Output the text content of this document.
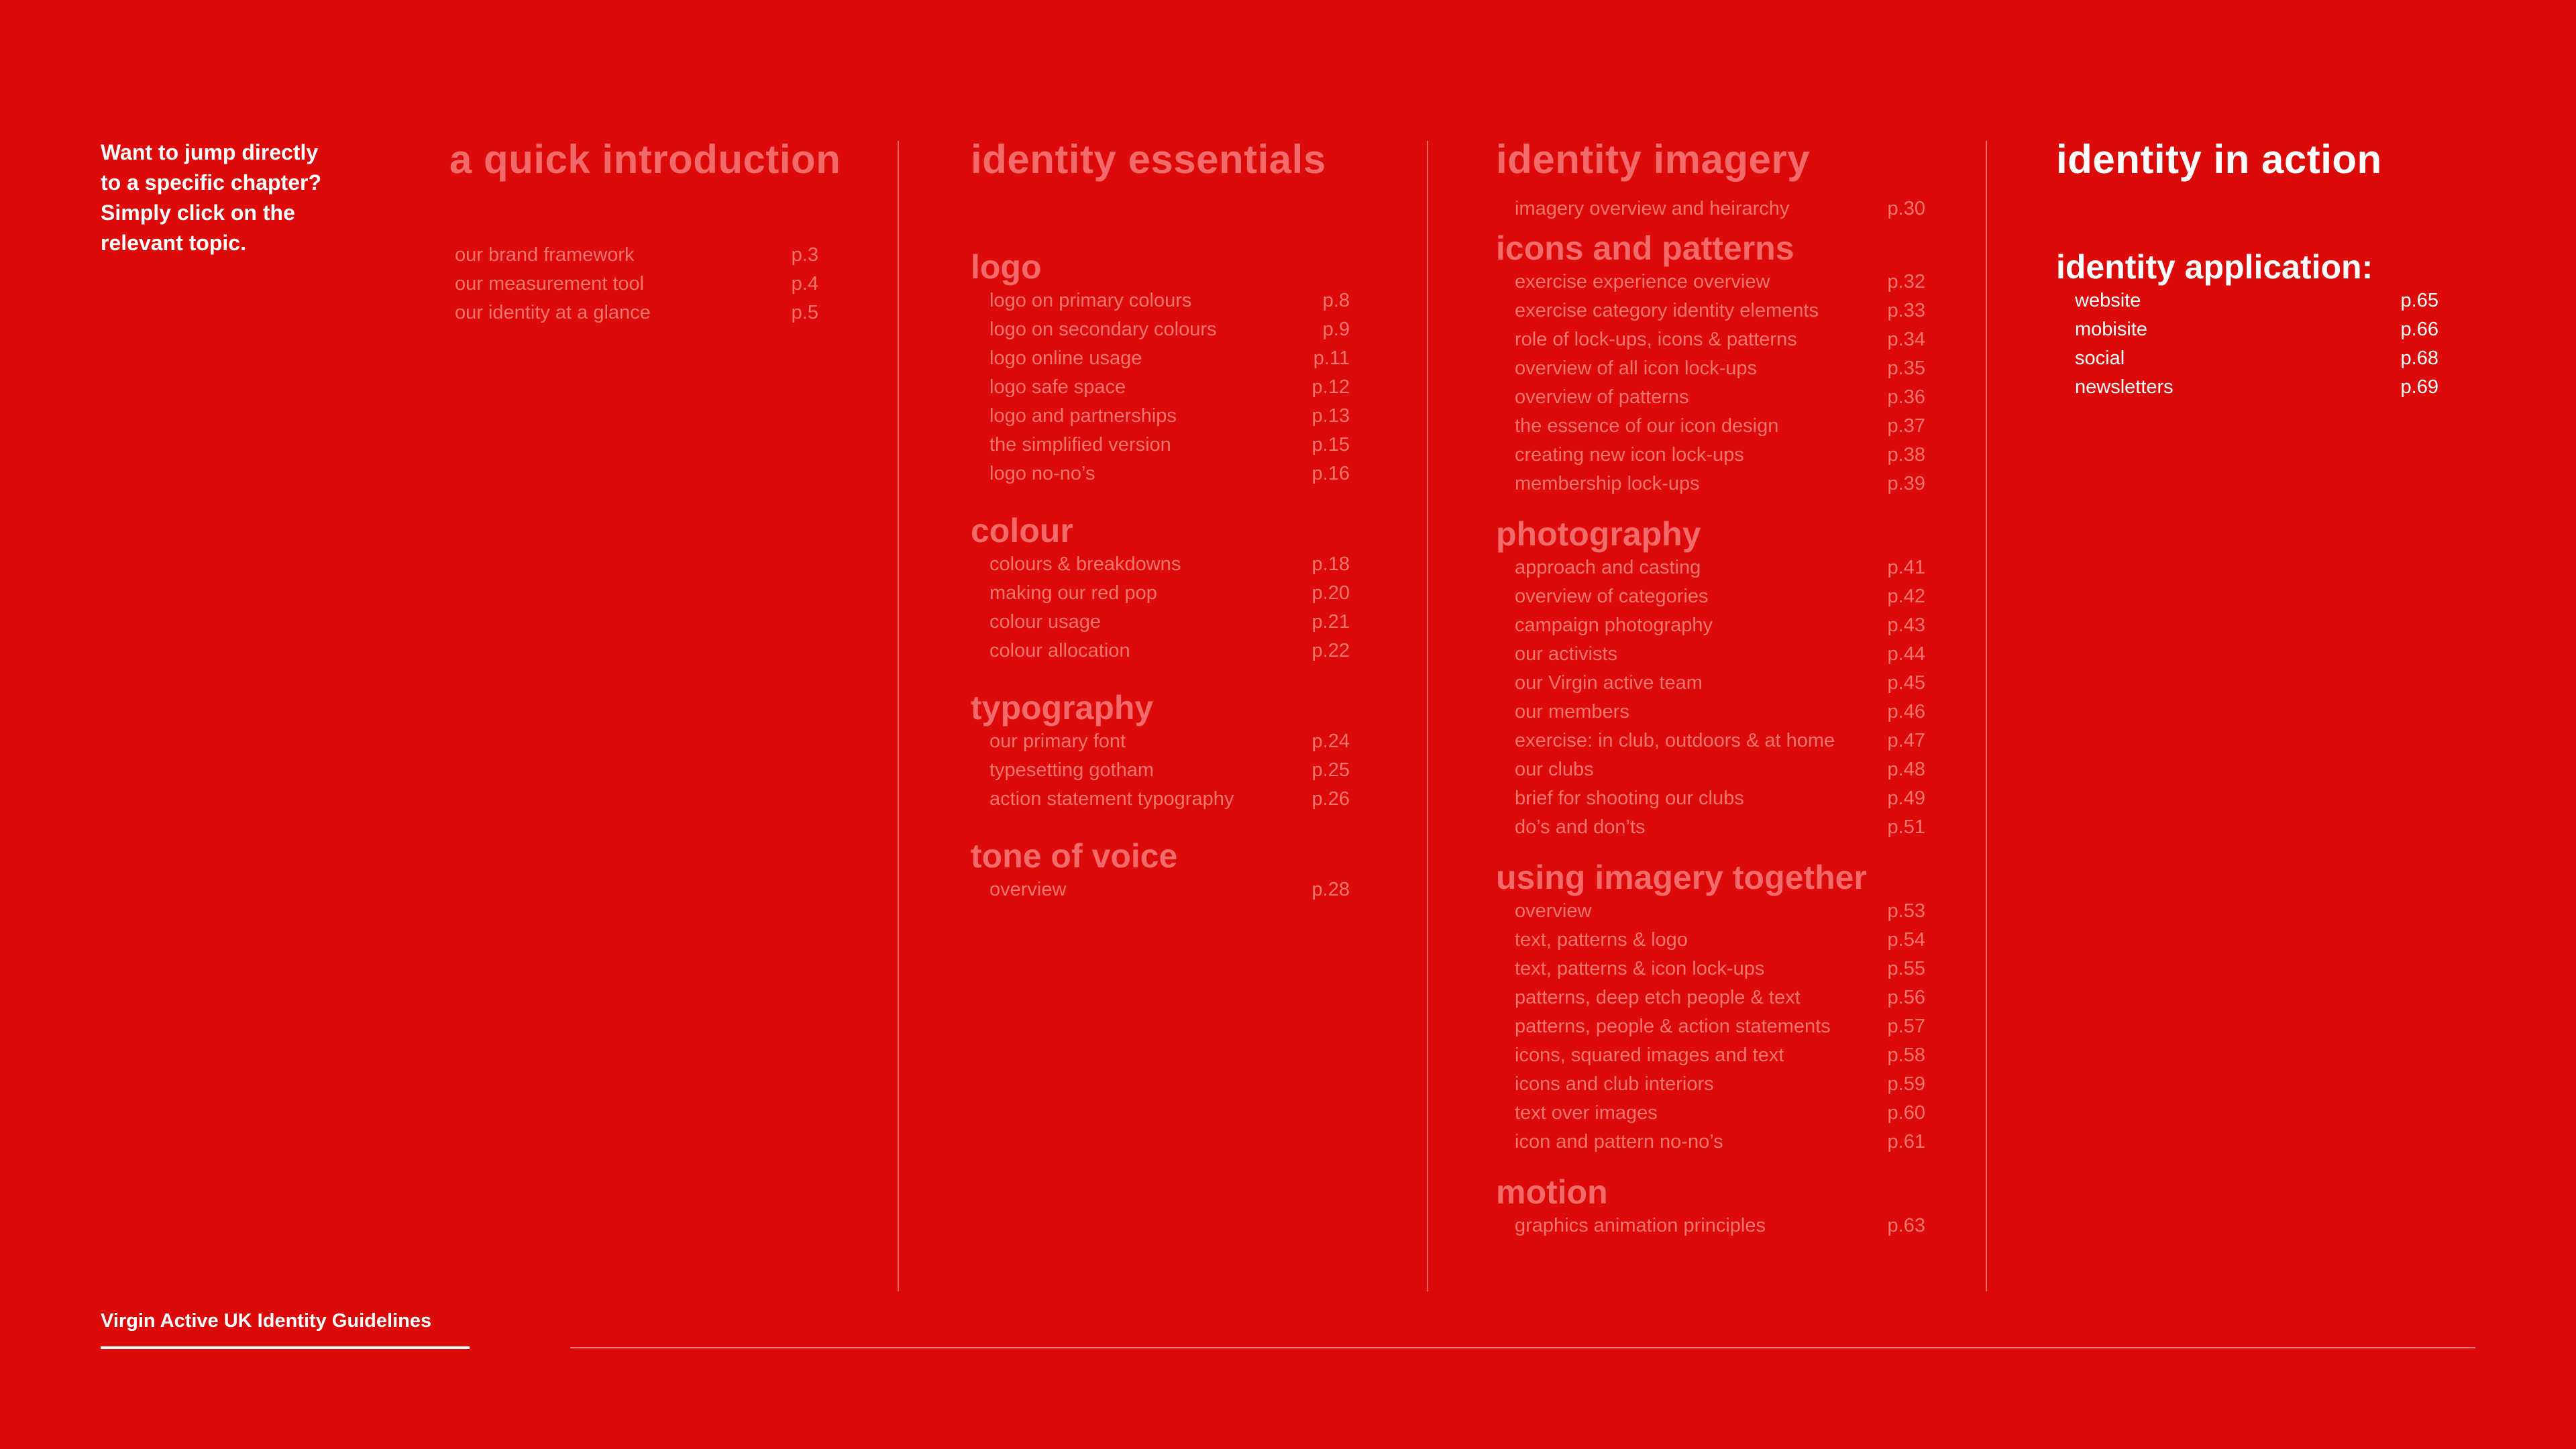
Want to jump directly
to a specific chapter?
Simply click on the
relevant topic.
a quick introduction
our brand framework	p.3
our measurement tool	p.4
our identity at a glance	p.5
identity essentials
logo
logo on primary colours	p.8
logo on secondary colours	p.9
logo online usage	p.11
logo safe space	p.12
logo and partnerships	p.13
the simplified version	p.15
logo no-no’s	p.16
colour
colours & breakdowns	p.18
making our red pop	p.20
colour usage	p.21
colour allocation	p.22
typography
our primary font	p.24
typesetting gotham	p.25
action statement typography	p.26
tone of voice
overview	p.28
identity imagery
imagery overview and heirarchy	p.30
icons and patterns
exercise experience overview	p.32
exercise category identity elements	p.33
role of lock-ups, icons & patterns	p.34
overview of all icon lock-ups	p.35
overview of patterns	p.36
the essence of our icon design	p.37
creating new icon lock-ups	p.38
membership lock-ups	p.39
photography
approach and casting	p.41
overview of categories	p.42
campaign photography	p.43
our activists	p.44
our Virgin active team	p.45
our members	p.46
exercise: in club, outdoors & at home	p.47
our clubs	p.48
brief for shooting our clubs	p.49
do’s and don’ts	p.51
using imagery together
overview	p.53
text, patterns & logo	p.54
text, patterns & icon lock-ups	p.55
patterns, deep etch people & text	p.56
patterns, people & action statements	p.57
icons, squared images and text	p.58
icons and club interiors	p.59
text over images	p.60
icon and pattern no-no’s	p.61
motion
graphics animation principles	p.63
identity in action
identity application:
website	p.65
mobisite	p.66
social	p.68
newsletters	p.69
Virgin Active UK Identity Guidelines
